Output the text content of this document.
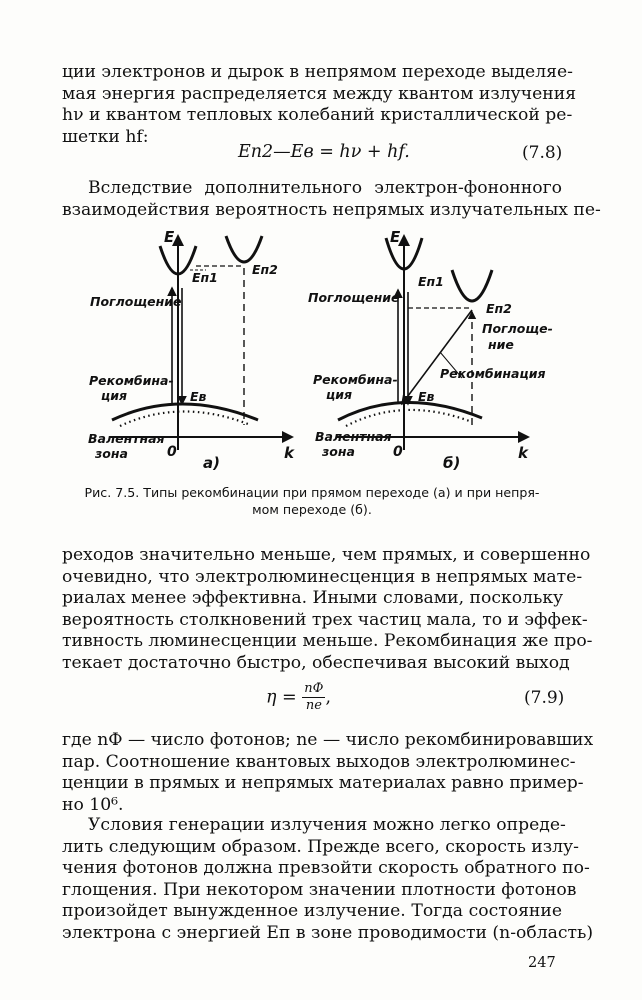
ции электронов и дырок в непрямом переходе выделяе-
мая энергия распределяется между квантом излучения
hν и квантом тепловых колебаний кристаллической ре-
шетки hf:
Eп2—Eв = hν + hf.	(7.8)
Вследствие дополнительного электрон-фононного
взаимодействия вероятность непрямых излучательных пе-
E
k
0
а)
Eп1
Eп2
Eв
Поглощение
Рекомбина-
ция
Валентная
зона
E
k
0
б)
Eп1
Eп2
Eв
Поглощение
Поглоще-
ние
Рекомбинация
Рекомбина-
ция
Валентная
зона
Рис. 7.5. Типы рекомбинации при прямом переходе (а) и при непря-
мом переходе (б).
реходов значительно меньше, чем прямых, и совершенно
очевидно, что электролюминесценция в непрямых мате-
риалах менее эффективна. Иными словами, поскольку
вероятность столкновений трех частиц мала, то и эффек-
тивность люминесценции меньше. Рекомбинация же про-
текает достаточно быстро, обеспечивая высокий выход
$\eta = \frac{nФ}{ne}$ ,	(7.9)
где nФ — число фотонов; ne — число рекомбинировавших
пар. Соотношение квантовых выходов электролюминес-
ценции в прямых и непрямых материалах равно пример-
но 10⁶.
Условия генерации излучения можно легко опреде-
лить следующим образом. Прежде всего, скорость излу-
чения фотонов должна превзойти скорость обратного по-
глощения. При некотором значении плотности фотонов
произойдет вынужденное излучение. Тогда состояние
электрона с энергией Eп в зоне проводимости (n-область)
247
